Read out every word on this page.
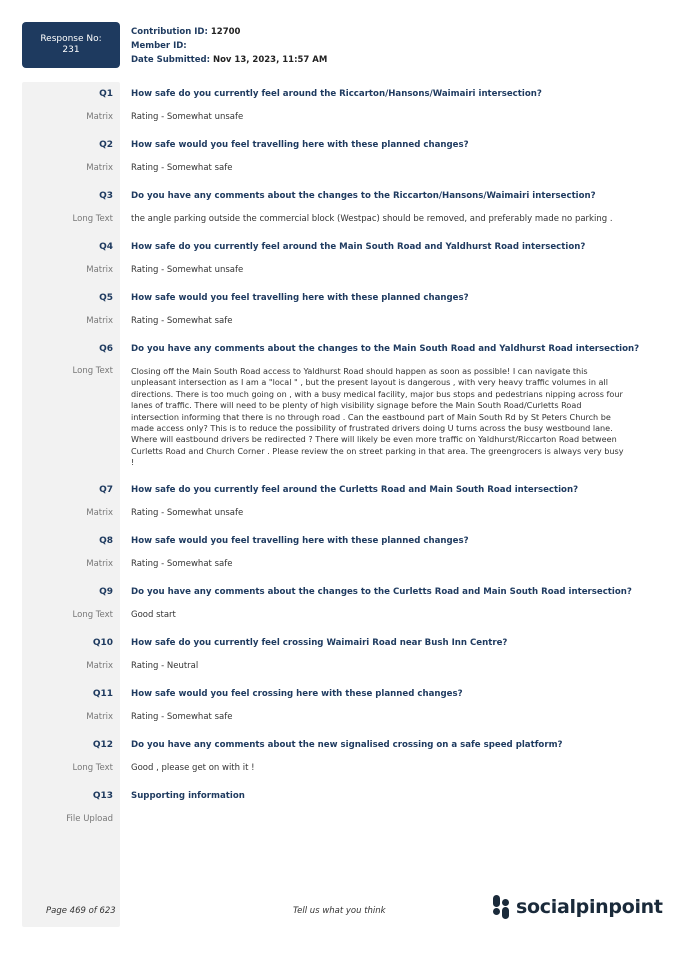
Response No:
231
Contribution ID: 12700
Member ID:
Date Submitted: Nov 13, 2023, 11:57 AM
Q1 How safe do you currently feel around the Riccarton/Hansons/Waimairi intersection?
Matrix Rating - Somewhat unsafe
Q2 How safe would you feel travelling here with these planned changes?
Matrix Rating - Somewhat safe
Q3 Do you have any comments about the changes to the Riccarton/Hansons/Waimairi intersection?
Long Text the angle parking outside the commercial block (Westpac) should be removed, and preferably made no parking .
Q4 How safe do you currently feel around the Main South Road and Yaldhurst Road intersection?
Matrix Rating - Somewhat unsafe
Q5 How safe would you feel travelling here with these planned changes?
Matrix Rating - Somewhat safe
Q6 Do you have any comments about the changes to the Main South Road and Yaldhurst Road intersection?
Long Text Closing off the Main South Road access to Yaldhurst Road should happen as soon as possible! I can navigate this unpleasant intersection as I am a "local " , but the present layout is dangerous , with very heavy traffic volumes in all directions. There is too much going on , with a busy medical facility, major bus stops and pedestrians nipping across four lanes of traffic. There will need to be plenty of high visibility signage before the Main South Road/Curletts Road intersection informing that there is no through road . Can the eastbound part of Main South Rd by St Peters Church be made access only? This is to reduce the possibility of frustrated drivers doing U turns across the busy westbound lane. Where will eastbound drivers be redirected ? There will likely be even more traffic on Yaldhurst/Riccarton Road between Curletts Road and Church Corner . Please review the on street parking in that area. The greengrocers is always very busy !
Q7 How safe do you currently feel around the Curletts Road and Main South Road intersection?
Matrix Rating - Somewhat unsafe
Q8 How safe would you feel travelling here with these planned changes?
Matrix Rating - Somewhat safe
Q9 Do you have any comments about the changes to the Curletts Road and Main South Road intersection?
Long Text Good start
Q10 How safe do you currently feel crossing Waimairi Road near Bush Inn Centre?
Matrix Rating - Neutral
Q11 How safe would you feel crossing here with these planned changes?
Matrix Rating - Somewhat safe
Q12 Do you have any comments about the new signalised crossing on a safe speed platform?
Long Text Good , please get on with it !
Q13 Supporting information
File Upload
Page 469 of 623	Tell us what you think	socialpinpoint
